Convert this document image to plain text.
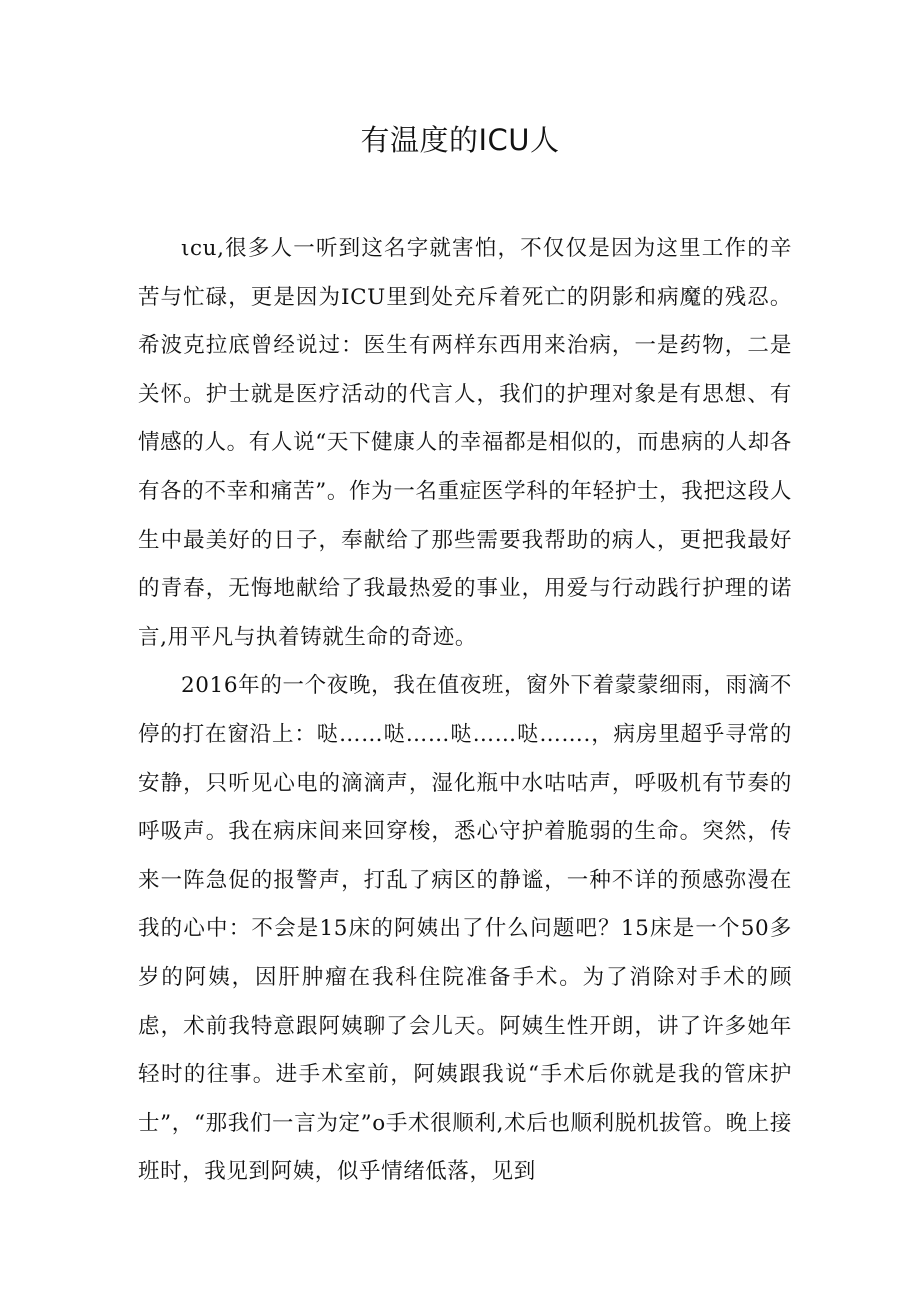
有温度的ICU人

ιcu,很多人一听到这名字就害怕，不仅仅是因为这里工作的辛苦与忙碌，更是因为ICU里到处充斥着死亡的阴影和病魔的残忍。希波克拉底曾经说过：医生有两样东西用来治病，一是药物，二是关怀。护士就是医疗活动的代言人，我们的护理对象是有思想、有情感的人。有人说“天下健康人的幸福都是相似的，而患病的人却各有各的不幸和痛苦”。作为一名重症医学科的年轻护士，我把这段人生中最美好的日子，奉献给了那些需要我帮助的病人，更把我最好的青春，无悔地献给了我最热爱的事业，用爱与行动践行护理的诺言,用平凡与执着铸就生命的奇迹。

2016年的一个夜晚，我在值夜班，窗外下着蒙蒙细雨，雨滴不停的打在窗沿上：哒……哒……哒……哒…….，病房里超乎寻常的安静，只听见心电的滴滴声，湿化瓶中水咕咕声，呼吸机有节奏的呼吸声。我在病床间来回穿梭，悉心守护着脆弱的生命。突然，传来一阵急促的报警声，打乱了病区的静谧，一种不详的预感弥漫在我的心中：不会是15床的阿姨出了什么问题吧？15床是一个50多岁的阿姨，因肝肿瘤在我科住院准备手术。为了消除对手术的顾虑，术前我特意跟阿姨聊了会儿天。阿姨生性开朗，讲了许多她年轻时的往事。进手术室前，阿姨跟我说“手术后你就是我的管床护士”，“那我们一言为定”o手术很顺利,术后也顺利脱机拔管。晚上接班时，我见到阿姨，似乎情绪低落，见到
